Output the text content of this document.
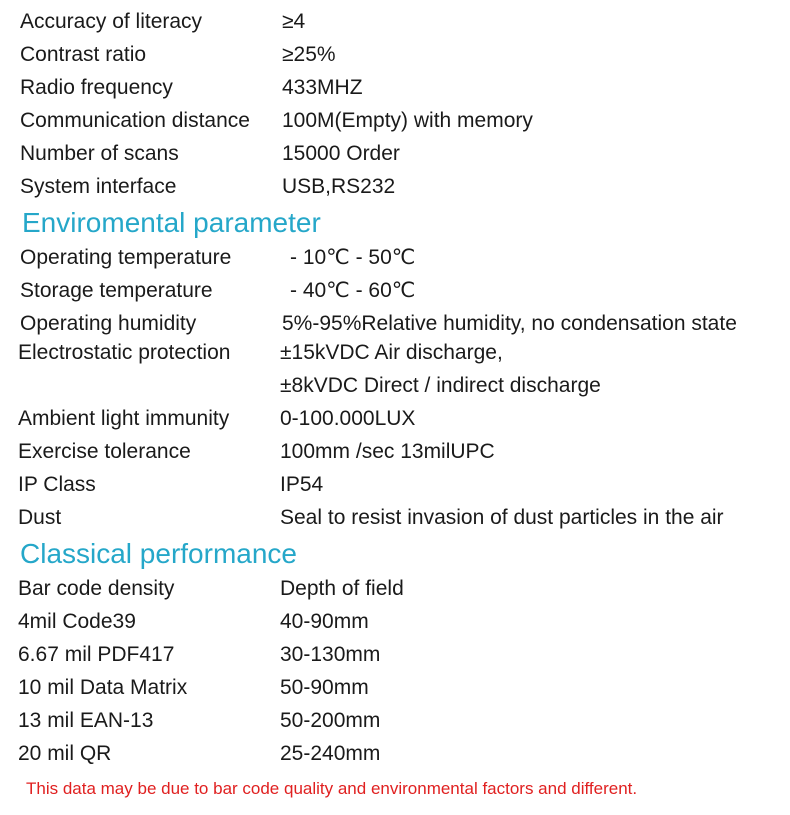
Accuracy of literacy	≥4
Contrast ratio	≥25%
Radio frequency	433MHZ
Communication distance 100M(Empty) with memory
Number of scans	15000 Order
System interface	USB,RS232
Enviromental parameter
Operating temperature	- 10℃ - 50℃
Storage temperature	- 40℃ - 60℃
Operating humidity	5%-95%Relative humidity, no condensation state
Electrostatic protection ±15kVDC Air discharge,
±8kVDC Direct / indirect discharge
Ambient light immunity 0-100.000LUX
Exercise tolerance	100mm /sec 13milUPC
IP Class	IP54
Dust	Seal to resist invasion of dust particles in the air
Classical performance
Bar code density	Depth of field
4mil Code39	40-90mm
6.67 mil PDF417	30-130mm
10 mil Data Matrix	50-90mm
13 mil EAN-13	50-200mm
20 mil QR	25-240mm
This data may be due to bar code quality and environmental factors and different.
